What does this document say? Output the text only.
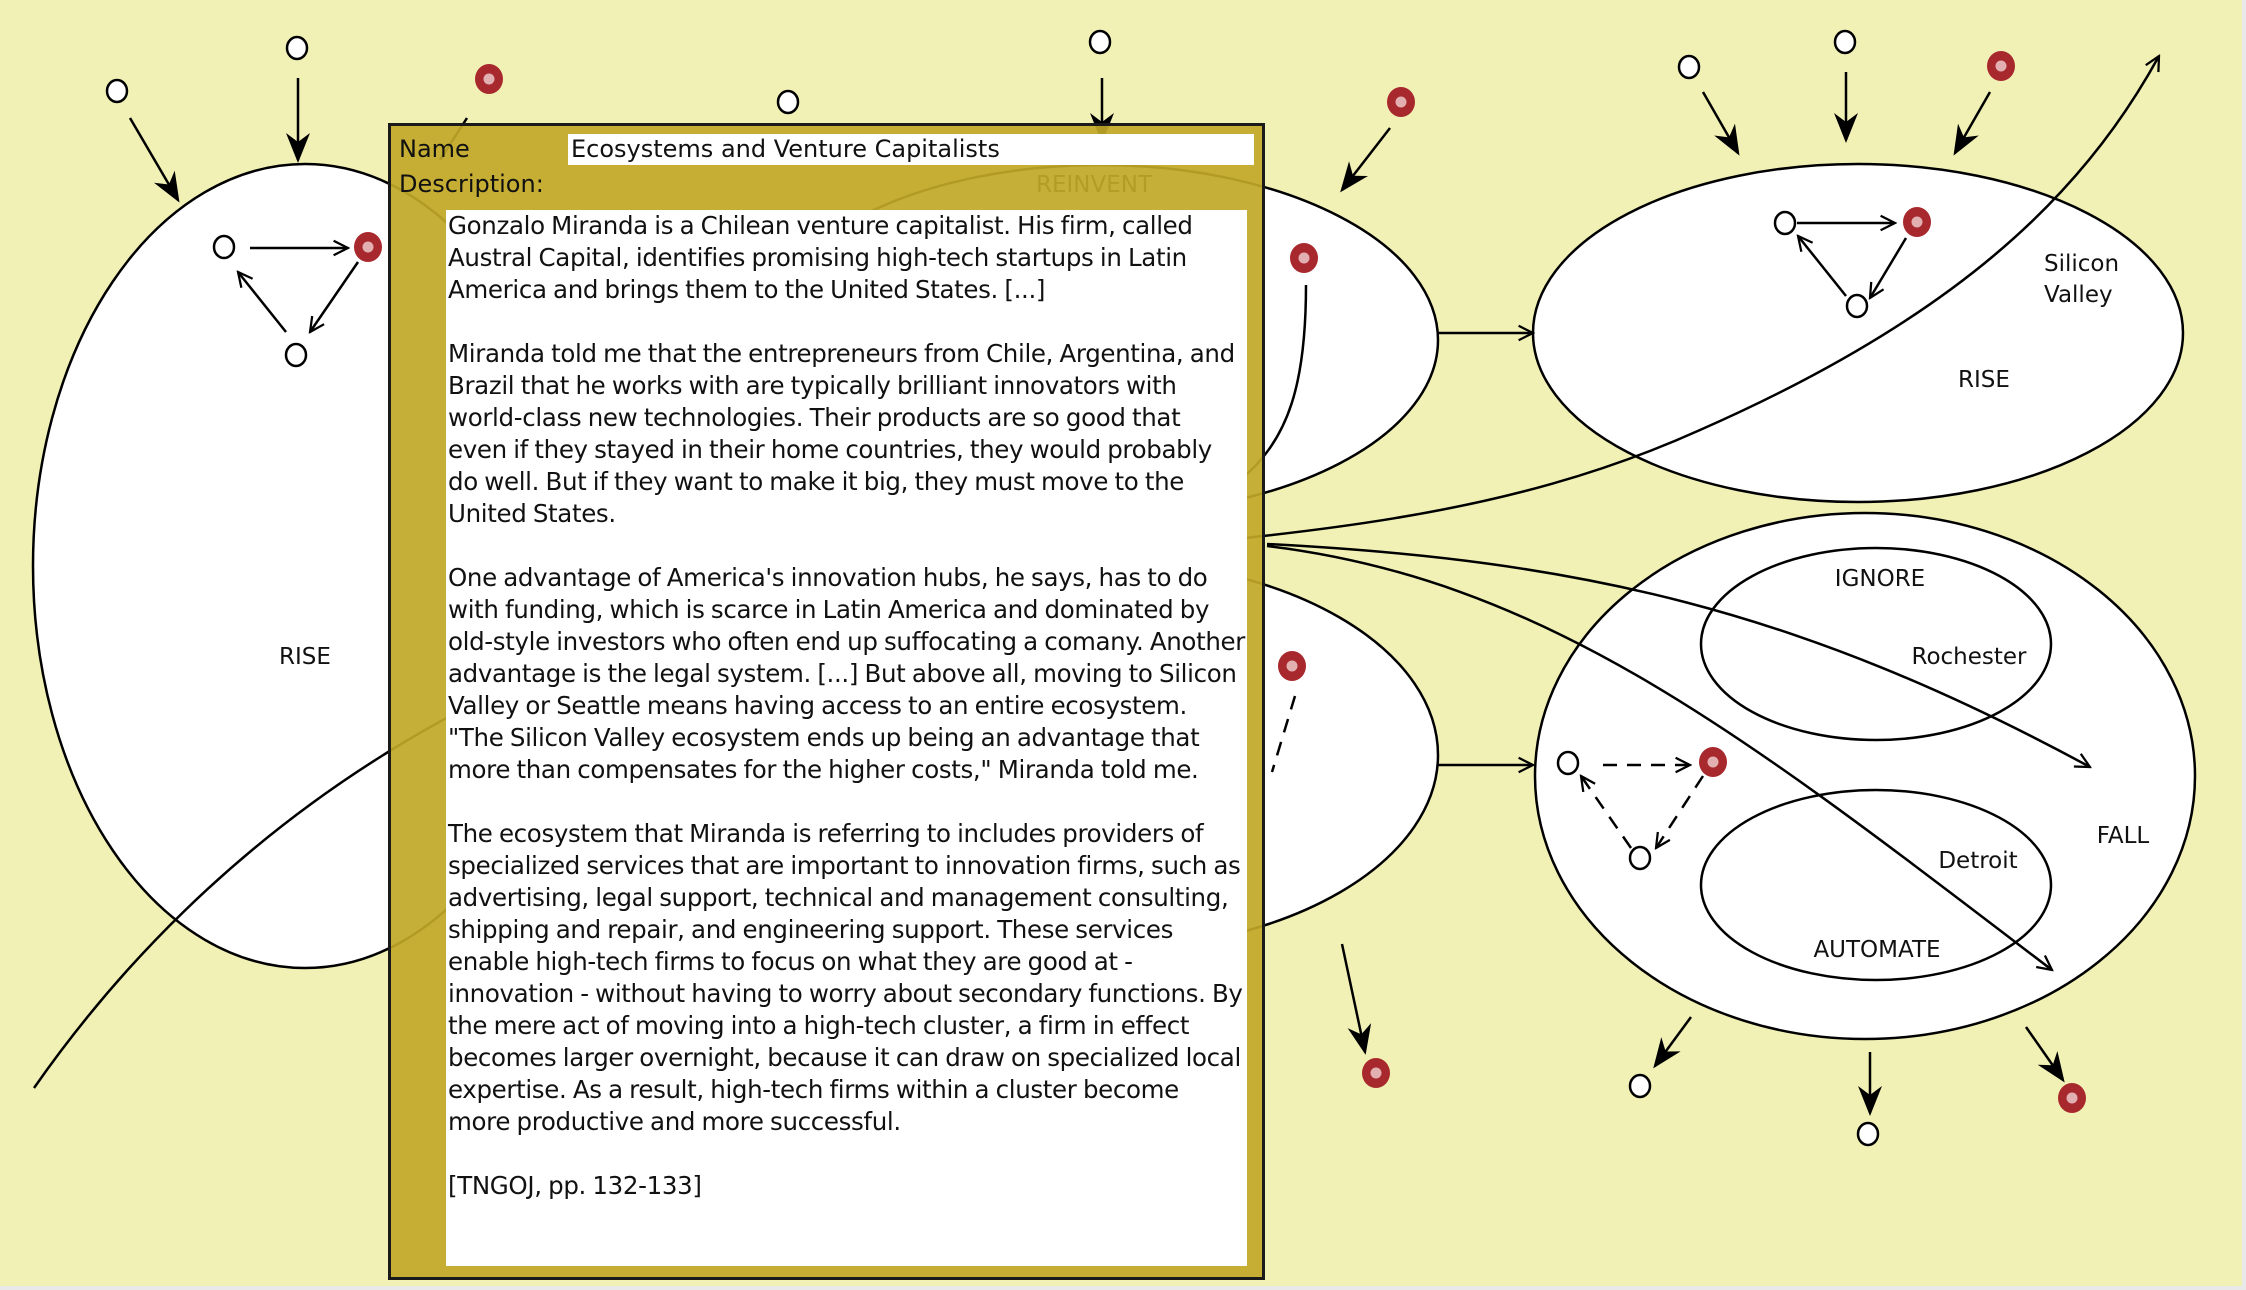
RISE
RISE
Silicon
Valley
FALL
IGNORE
Rochester
AUTOMATE
Detroit
Name	Ecosystems and Venture Capitalists
Description:

Gonzalo Miranda is a Chilean venture capitalist. His firm, called Austral Capital, identifies promising high-tech startups in Latin America and brings them to the United States. [...]

Miranda told me that the entrepreneurs from Chile, Argentina, and Brazil that he works with are typically brilliant innovators with world-class new technologies. Their products are so good that even if they stayed in their home countries, they would probably do well. But if they want to make it big, they must move to the United States.

One advantage of America's innovation hubs, he says, has to do with funding, which is scarce in Latin America and dominated by old-style investors who often end up suffocating a comany. Another advantage is the legal system. [...] But above all, moving to Silicon Valley or Seattle means having access to an entire ecosystem. "The Silicon Valley ecosystem ends up being an advantage that more than compensates for the higher costs," Miranda told me.

The ecosystem that Miranda is referring to includes providers of specialized services that are important to innovation firms, such as advertising, legal support, technical and management consulting, shipping and repair, and engineering support. These services enable high-tech firms to focus on what they are good at - innovation - without having to worry about secondary functions. By the mere act of moving into a high-tech cluster, a firm in effect becomes larger overnight, because it can draw on specialized local expertise. As a result, high-tech firms within a cluster become more productive and more successful.

[TNGOJ, pp. 132-133]
